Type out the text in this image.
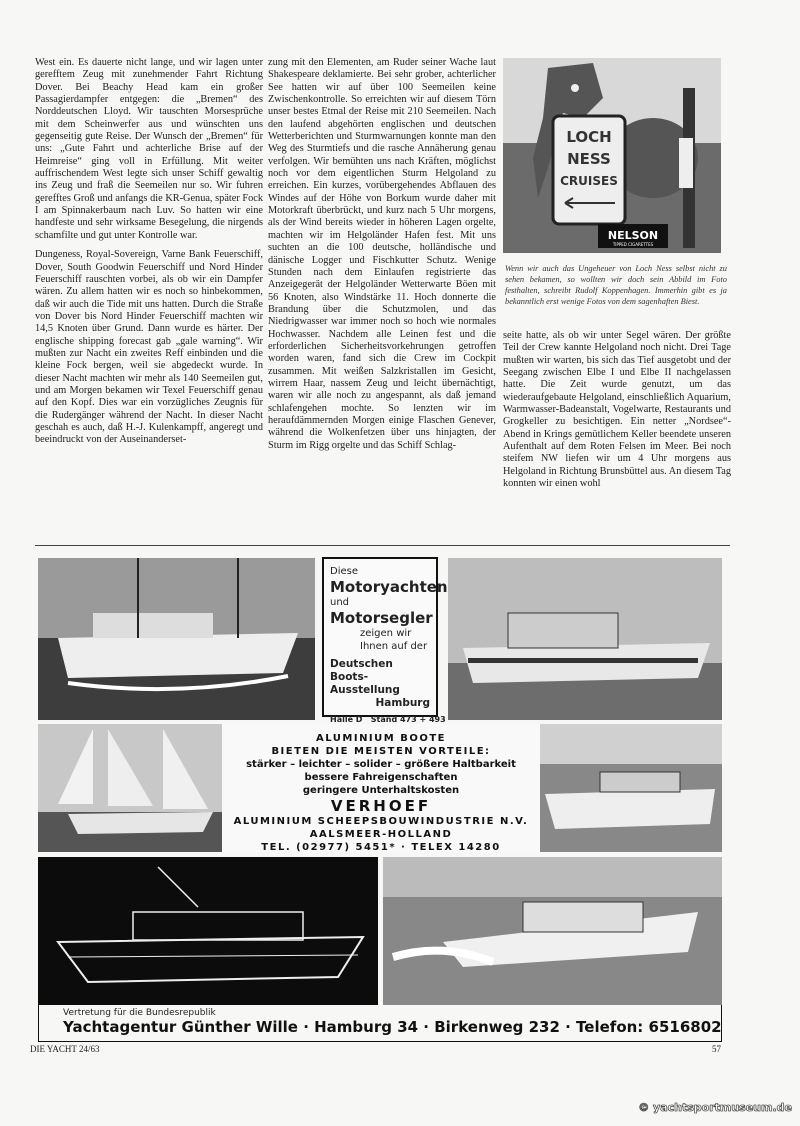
West ein. Es dauerte nicht lange, und wir lagen unter gerefftem Zeug mit zunehmender Fahrt Richtung Dover. Bei Beachy Head kam ein großer Passagierdampfer entgegen: die „Bremen“ des Norddeutschen Lloyd. Wir tauschten Morsesprüche mit dem Scheinwerfer aus und wünschten uns gegenseitig gute Reise. Der Wunsch der „Bremen“ für uns: „Gute Fahrt und achterliche Brise auf der Heimreise“ ging voll in Erfüllung. Mit weiter auffrischendem West legte sich unser Schiff gewaltig ins Zeug und fraß die Seemeilen nur so. Wir fuhren gerefftes Groß und anfangs die KR-Genua, später Fock I am Spinnakerbaum nach Luv. So hatten wir eine handfeste und sehr wirksame Besegelung, die nirgends schamfilte und gut unter Kontrolle war.

Dungeness, Royal-Sovereign, Varne Bank Feuerschiff, Dover, South Goodwin Feuerschiff und Nord Hinder Feuerschiff rauschten vorbei, als ob wir ein Dampfer wären. Zu allem hatten wir es noch so hinbekommen, daß wir auch die Tide mit uns hatten. Durch die Straße von Dover bis Nord Hinder Feuerschiff machten wir 14,5 Knoten über Grund. Dann wurde es härter. Der englische shipping forecast gab „gale warning“. Wir mußten zur Nacht ein zweites Reff einbinden und die kleine Fock bergen, weil sie abgedeckt wurde. In dieser Nacht machten wir mehr als 140 Seemeilen gut, und am Morgen bekamen wir Texel Feuerschiff genau auf den Kopf. Dies war ein vorzügliches Zeugnis für die Rudergänger während der Nacht. In dieser Nacht geschah es auch, daß H.-J. Kulenkampff, angeregt und beeindruckt von der Auseinanderset-

zung mit den Elementen, am Ruder seiner Wache laut Shakespeare deklamierte. Bei sehr grober, achterlicher See hatten wir auf über 100 Seemeilen keine Zwischenkontrolle. So erreichten wir auf diesem Törn unser bestes Etmal der Reise mit 210 Seemeilen. Nach den laufend abgehörten englischen und deutschen Wetterberichten und Sturmwarnungen konnte man den Weg des Sturmtiefs und die rasche Annäherung genau verfolgen. Wir bemühten uns nach Kräften, möglichst noch vor dem eigentlichen Sturm Helgoland zu erreichen. Ein kurzes, vorübergehendes Abflauen des Windes auf der Höhe von Borkum wurde daher mit Motorkraft überbrückt, und kurz nach 5 Uhr morgens, als der Wind bereits wieder in höheren Lagen orgelte, machten wir im Helgoländer Hafen fest. Mit uns suchten an die 100 deutsche, holländische und dänische Logger und Fischkutter Schutz. Wenige Stunden nach dem Einlaufen registrierte das Anzeigegerät der Helgoländer Wetterwarte Böen mit 56 Knoten, also Windstärke 11. Hoch donnerte die Brandung über die Schutzmolen, und das Niedrigwasser war immer noch so hoch wie normales Hochwasser. Nachdem alle Leinen fest und die erforderlichen Sicherheitsvorkehrungen getroffen worden waren, fand sich die Crew im Cockpit zusammen. Mit weißen Salzkristallen im Gesicht, wirrem Haar, nassem Zeug und leicht übernächtigt, waren wir alle noch zu angespannt, als daß jemand schlafengehen mochte. So lenzten wir im heraufdämmernden Morgen einige Flaschen Genever, während die Wolkenfetzen über uns hinjagten, der Sturm im Rigg orgelte und das Schiff Schlag-

LOCH
NESS
CRUISES
NELSON
TIPPED CIGARETTES
Wenn wir auch das Ungeheuer von Loch Ness selbst nicht zu sehen bekamen, so wollten wir doch sein Abbild im Foto festhalten, schreibt Rudolf Koppenhagen. Immerhin gibt es ja bekanntlich erst wenige Fotos von dem sagenhaften Biest.

seite hatte, als ob wir unter Segel wären. Der größte Teil der Crew kannte Helgoland noch nicht. Drei Tage mußten wir warten, bis sich das Tief ausgetobt und der Seegang zwischen Elbe I und Elbe II nachgelassen hatte. Die Zeit wurde genutzt, um das wiederaufgebaute Helgoland, einschließlich Aquarium, Warmwasser-Badeanstalt, Vogelwarte, Restaurants und Grogkeller zu besichtigen. Ein netter „Nordsee“-Abend in Krings gemütlichem Keller beendete unseren Aufenthalt auf dem Roten Felsen im Meer. Bei noch steifem NW liefen wir um 4 Uhr morgens aus Helgoland in Richtung Brunsbüttel aus. An diesem Tag konnten wir einen wohl

Diese
Motoryachten
und
Motorsegler
zeigen wir
Ihnen auf der
Deutschen
Boots-Ausstellung
Hamburg
Halle D   Stand 473 + 493
ALUMINIUM BOOTE
BIETEN DIE MEISTEN VORTEILE:
stärker – leichter – solider – größere Haltbarkeit
bessere Fahreigenschaften
geringere Unterhaltskosten
VERHOEF
ALUMINIUM SCHEEPSBOUWINDUSTRIE N.V.
AALSMEER-HOLLAND
TEL. (02977) 5451* · TELEX 14280
Vertretung für die Bundesrepublik
Yachtagentur Günther Wille · Hamburg 34 · Birkenweg 232 · Telefon: 6516802
DIE YACHT 24/63	57
© yachtsportmuseum.de
